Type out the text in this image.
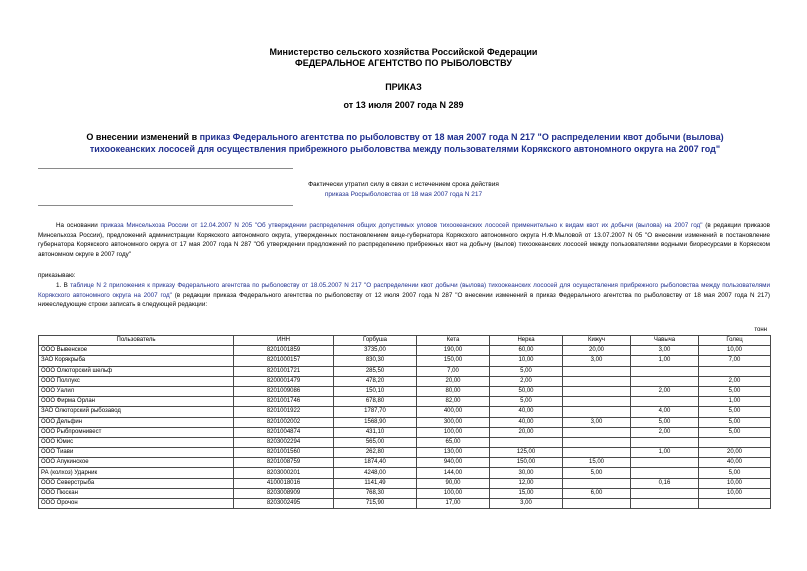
Министерство сельского хозяйства Российской Федерации
ФЕДЕРАЛЬНОЕ АГЕНТСТВО ПО РЫБОЛОВСТВУ
ПРИКАЗ
от 13 июля 2007 года N 289
О внесении изменений в приказ Федерального агентства по рыболовству от 18 мая 2007 года N 217 "О распределении квот добычи (вылова) тихоокеанских лососей для осуществления прибрежного рыболовства между пользователями Корякского автономного округа на 2007 год"
Фактически утратил силу в связи с истечением срока действия
приказа Росрыболовства от 18 мая 2007 года N 217
На основании приказа Минсельхоза России от 12.04.2007 N 205 "Об утверждении распределения общих допустимых уловов тихоокеанских лососей применительно к видам квот их добычи (вылова) на 2007 год" (в редакции приказов Минсельхоза России), предложений администрации Корякского автономного округа, утвержденных постановлением вице-губернатора Корякского автономного округа Н.Ф.Мыловой от 13.07.2007 N 05 "О внесении изменений в постановление губернатора Корякского автономного округа от 17 мая 2007 года N 287 "Об утверждении предложений по распределению прибрежных квот на добычу (вылов) тихоокеанских лососей между пользователями водными биоресурсами в Корякском автономном округе в 2007 году"
приказываю:
1. В таблице N 2 приложения к приказу Федерального агентства по рыболовству от 18.05.2007 N 217 "О распределении квот добычи (вылова) тихоокеанских лососей для осуществления прибрежного рыболовства между пользователями Корякского автономного округа на 2007 год" (в редакции приказа Федерального агентства по рыболовству от 12 июля 2007 года N 287 "О внесении изменений в приказ Федерального агентства по рыболовству от 18 мая 2007 года N 217) нижеследующие строки записать в следующей редакции:
тонн
Пользователь	ИНН	Горбуша	Кета	Нерка	Кижуч	Чавыча	Голец
ООО Вывенское	8201001859	3735,00	190,00	60,00	20,00	3,00	10,00
ЗАО Корякрыба	8201000157	830,30	150,00	10,00	3,00	1,00	7,00
ООО Олюторский шельф	8201001721	285,50	7,00	5,00			
ООО Поллукс	8200001479	478,20	20,00	2,00			2,00
ООО Уалил	8201009086	150,10	80,00	50,00		2,00	5,00
ООО Фирма Орлан	8201001746	678,80	82,00	5,00			1,00
ЗАО Олюторский рыбозавод	8201001922	1787,70	400,00	40,00		4,00	5,00
ООО Дельфин	8201002002	1568,90	300,00	40,00	3,00	5,00	5,00
ООО Рыбпромнивест	8201004874	431,10	100,00	20,00		2,00	5,00
ООО Юмис	8203002294	565,00	65,00				
ООО Тиави	8201001560	262,80	130,00	125,00		1,00	20,00
ООО Апукинское	8201008759	1874,40	940,00	150,00	15,00		40,00
РА (колхоз) Ударник	8203000201	4248,00	144,00	30,00	5,00		5,00
ООО Северстрыба	4100018016	1141,49	90,00	12,00		0,16	10,00
ООО Пюскан	8203008909	768,30	100,00	15,00	6,00		10,00
ООО Орочон	8203002495	715,90	17,00	3,00			
